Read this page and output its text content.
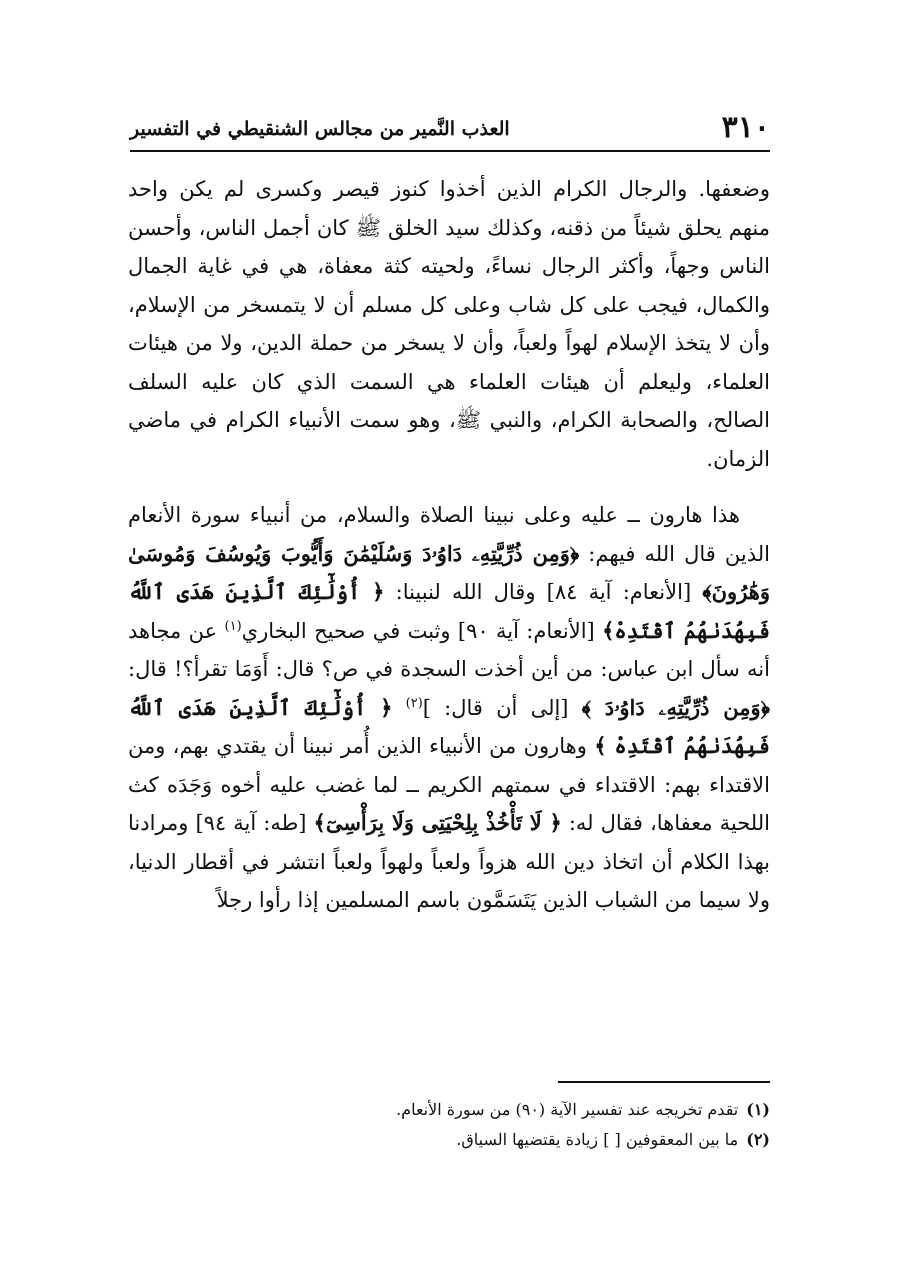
٣١٠
العذب النَّمير من مجالس الشنقيطي في التفسير

وضعفها. والرجال الكرام الذين أخذوا كنوز قيصر وكسرى لم يكن واحد منهم يحلق شيئاً من ذقنه، وكذلك سيد الخلق ﷺ كان أجمل الناس، وأحسن الناس وجهاً، وأكثر الرجال نساءً، ولحيته كثة معفاة، هي في غاية الجمال والكمال، فيجب على كل شاب وعلى كل مسلم أن لا يتمسخر من الإسلام، وأن لا يتخذ الإسلام لهواً ولعباً، وأن لا يسخر من حملة الدين، ولا من هيئات العلماء، وليعلم أن هيئات العلماء هي السمت الذي كان عليه السلف الصالح، والصحابة الكرام، والنبي ﷺ، وهو سمت الأنبياء الكرام في ماضي الزمان.

هذا هارون ــ عليه وعلى نبينا الصلاة والسلام، من أنبياء سورة الأنعام الذين قال الله فيهم: ﴿وَمِن ذُرِّيَّتِهِۦ دَاوُۥدَ وَسُلَيْمَٰنَ وَأَيُّوبَ وَيُوسُفَ وَمُوسَىٰ وَهَٰرُونَ﴾ [الأنعام: آية ٨٤] وقال الله لنبينا: ﴿ أُوْلَٰٓئِكَ ٱلَّذِينَ هَدَى ٱللَّهُ فَبِهُدَىٰهُمُ ٱقْتَدِهْ﴾ [الأنعام: آية ٩٠] وثبت في صحيح البخاري$^{(١)}$ عن مجاهد أنه سأل ابن عباس: من أين أخذت السجدة في ص؟ قال: أَوَمَا تقرأ؟! قال: ﴿وَمِن ذُرِّيَّتِهِۦ دَاوُۥدَ ﴾ [إلى أن قال: ]$^{(٢)}$ ﴿ أُوْلَٰٓئِكَ ٱلَّذِينَ هَدَى ٱللَّهُ فَبِهُدَىٰهُمُ ٱقْتَدِهْ ﴾ وهارون من الأنبياء الذين أُمر نبينا أن يقتدي بهم، ومن الاقتداء بهم: الاقتداء في سمتهم الكريم ــ لما غضب عليه أخوه وَجَدَه كث اللحية معفاها، فقال له: ﴿ لَا تَأْخُذْ بِلِحْيَتِى وَلَا بِرَأْسِىٓ﴾ [طه: آية ٩٤] ومرادنا بهذا الكلام أن اتخاذ دين الله هزواً ولعباً ولهواً ولعباً انتشر في أقطار الدنيا، ولا سيما من الشباب الذين يَتَسَمَّون باسم المسلمين إذا رأوا رجلاً

(١)تقدم تخريجه عند تفسير الآية (٩٠) من سورة الأنعام.

(٢)ما بين المعقوفين [ ] زيادة يقتضيها السياق.
